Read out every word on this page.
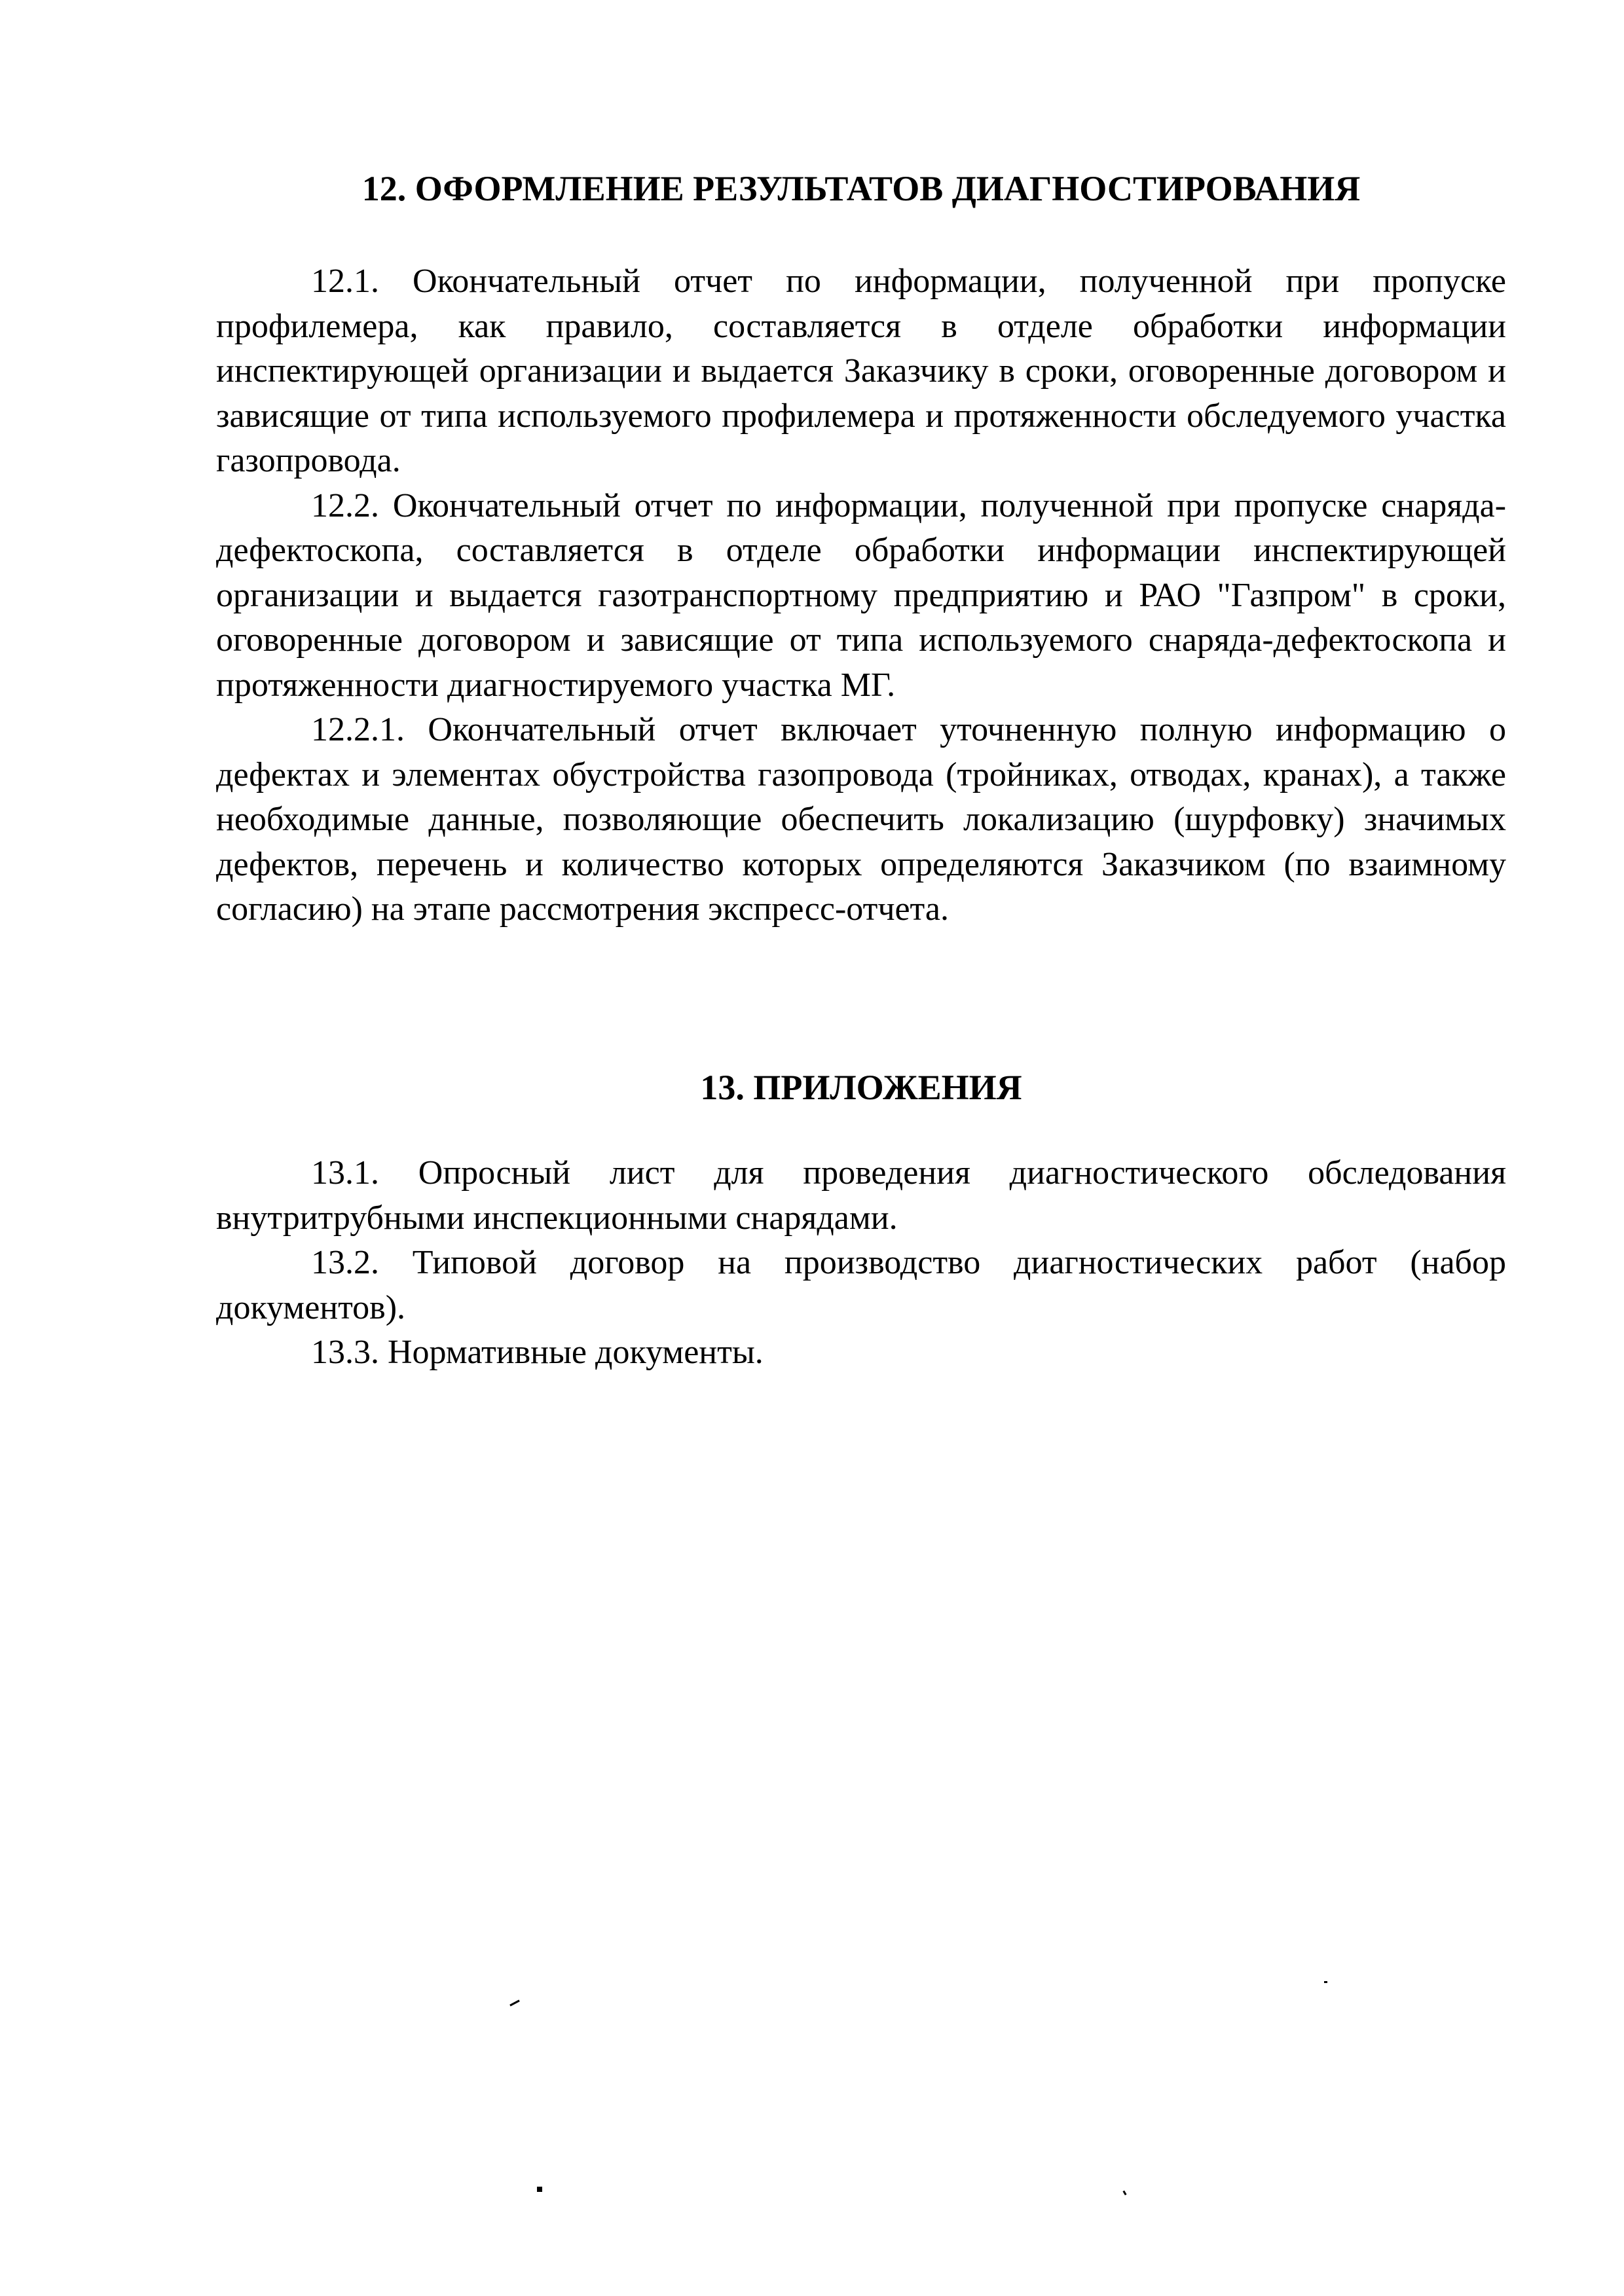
12. ОФОРМЛЕНИЕ РЕЗУЛЬТАТОВ ДИАГНОСТИРОВАНИЯ

12.1. Окончательный отчет по информации, полученной при пропуске профилемера, как правило, составляется в отделе обработки информации инспектирующей организации и выдается Заказчику в сроки, оговоренные договором и зависящие от типа используемого профилемера и протяженности обследуемого участка газопровода.

12.2. Окончательный отчет по информации, полученной при пропуске снаряда-дефектоскопа, составляется в отделе обработки информации инспектирующей организации и выдается газотранспортному предприятию и РАО "Газпром" в сроки, оговоренные договором и зависящие от типа используемого снаряда-дефектоскопа и протяженности диагностируемого участка МГ.

12.2.1. Окончательный отчет включает уточненную полную информацию о дефектах и элементах обустройства газопровода (тройниках, отводах, кранах), а также необходимые данные, позволяющие обеспечить локализацию (шурфовку) значимых дефектов, перечень и количество которых определяются Заказчиком (по взаимному согласию) на этапе рассмотрения экспресс-отчета.

13. ПРИЛОЖЕНИЯ

13.1. Опросный лист для проведения диагностического обследования внутритрубными инспекционными снарядами.

13.2. Типовой договор на производство диагностических работ (набор документов).

13.3. Нормативные документы.
